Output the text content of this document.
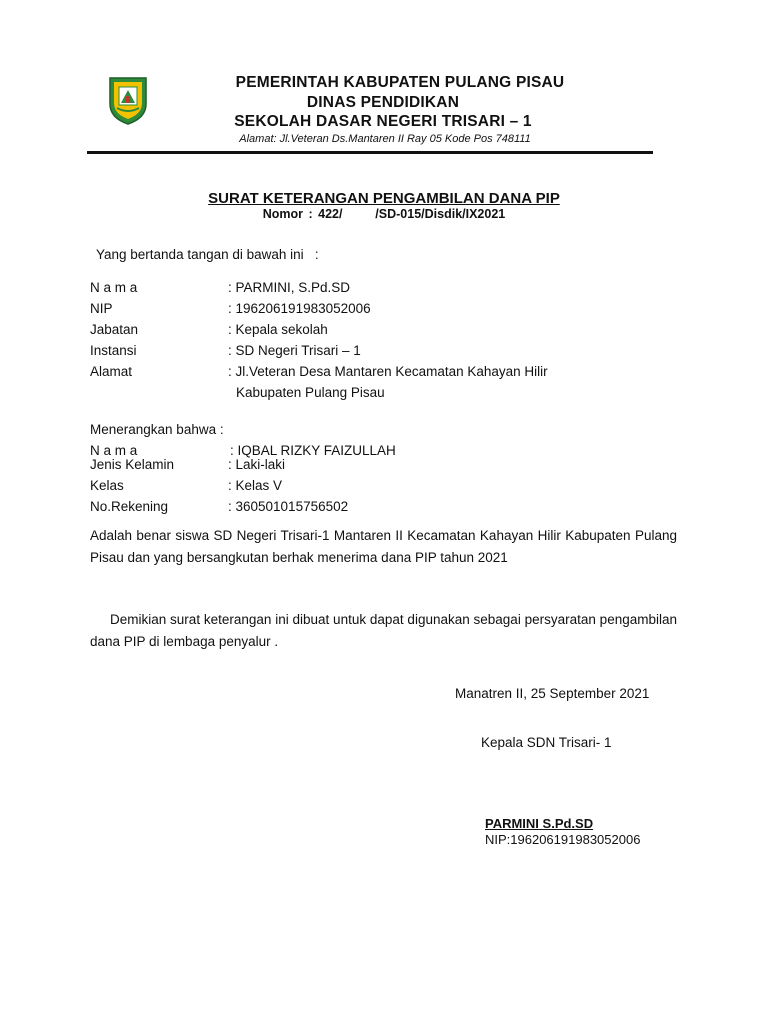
PEMERINTAH KABUPATEN PULANG PISAU
DINAS PENDIDIKAN
SEKOLAH DASAR NEGERI TRISARI – 1
Alamat: Jl.Veteran Ds.Mantaren II Ray 05 Kode Pos 748111
SURAT KETERANGAN PENGAMBILAN DANA PIP
Nomor : 422/      /SD-015/Disdik/IX2021
Yang bertanda tangan di bawah ini   :
N a m a	: PARMINI, S.Pd.SD
NIP	: 196206191983052006
Jabatan	: Kepala sekolah
Instansi	: SD Negeri Trisari – 1
Alamat	: Jl.Veteran Desa Mantaren Kecamatan Kahayan Hilir
Kabupaten Pulang Pisau
Menerangkan bahwa :
N a m a	: IQBAL RIZKY FAIZULLAH
Jenis Kelamin	: Laki-laki
Kelas	: Kelas V
No.Rekening	: 360501015756502
Adalah benar siswa SD Negeri Trisari-1 Mantaren II Kecamatan Kahayan Hilir Kabupaten Pulang Pisau dan yang bersangkutan berhak menerima dana PIP tahun 2021
Demikian surat keterangan ini dibuat untuk dapat digunakan sebagai persyaratan pengambilan dana PIP di lembaga penyalur .
Manatren II, 25 September 2021
Kepala SDN Trisari- 1
PARMINI S.Pd.SD
NIP:196206191983052006
